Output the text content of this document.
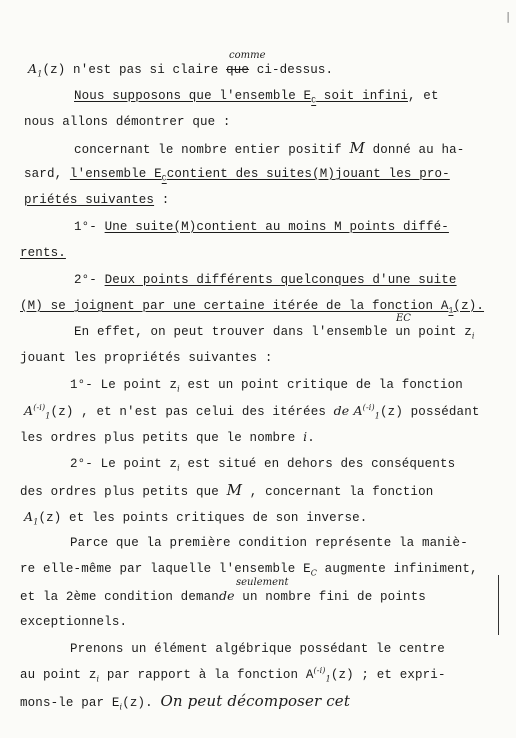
|
comme
$A_1(z)$ n'est pas si claire que ci-dessus.
Nous supposons que l'ensemble $E_C$ soit infini, et
nous allons démontrer que :
concernant le nombre entier positif M donné au ha-
sard, l'ensemble $E_Ccontient$ des suites(M)jouant les pro-
priétés suivantes :
1°- Une suite(M)contient au moins M points diffé-
rents.
2°- Deux points différents quelconques d'une suite
(M) se joignent par une certaine itérée de la fonction $A_1(z)$.
EC
En effet, on peut trouver dans l'ensemble un point $z_i$
jouant les propriétés suivantes :
1°- Le point $z_i$ est un point critique de la fonction
$A^{(-i)}_1(z)$ , et n'est pas celui des itérées de $A^{(-i)}_1(z)$ possédant
les ordres plus petits que le nombre i.
2°- Le point $z_i$ est situé en dehors des conséquents
des ordres plus petits que M , concernant la fonction
$A_1(z)$ et les points critiques de son inverse.
Parce que la première condition représente la maniè-
re elle-même par laquelle l'ensemble $E_C$ augmente infiniment,
seulement
et la 2ème condition demande un nombre fini de points
exceptionnels.
Prenons un élément algébrique possédant le centre
au point $z_i$ par rapport à la fonction $A^{(-i)}_1(z)$ ; et expri-
mons-le par $E_i(z)$. On peut décomposer cet
